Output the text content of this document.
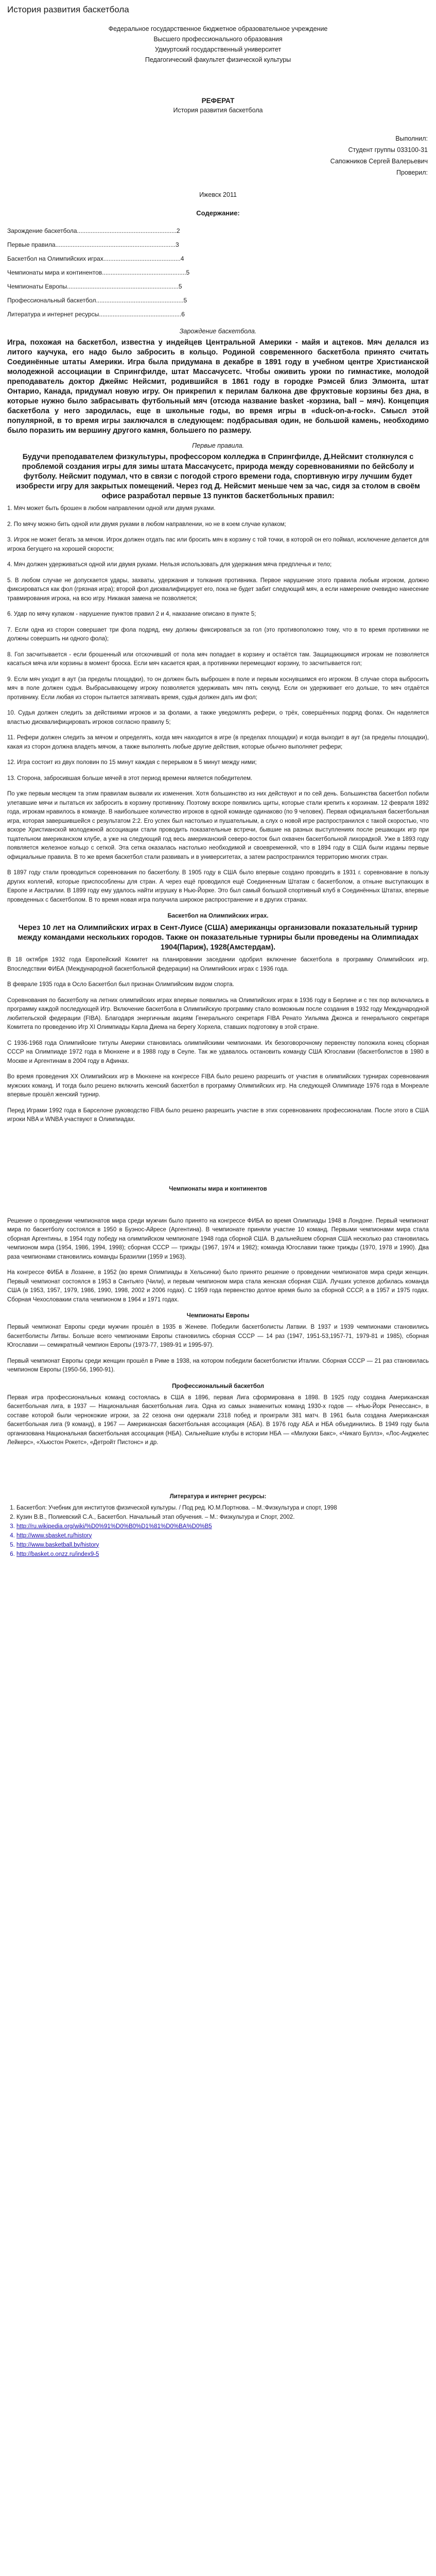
История развития баскетбола
Федеральное государственное бюджетное образовательное учреждение
Высшего профессионального образования
Удмуртский государственный университет
Педагогический факультет физической культуры
РЕФЕРАТ
История развития баскетбола
Выполнил:
Студент группы 033100-31
Сапожников Сергей Валерьевич
Проверил:
Ижевск 2011
Содержание:
Зарождение баскетбола..........................................................2
Первые правила......................................................................3
Баскетбол на Олимпийских играх.............................................4
Чемпионаты мира и континентов.................................................5
Чемпионаты Европы.................................................................5
Профессиональный баскетбол...................................................5
Литература и интернет ресурсы................................................6
Зарождение баскетбола.

Игра, похожая на баскетбол, известна у индейцев Центральной Америки - майя и ацтеков. Мяч делался из литого каучука, его надо было забросить в кольцо. Родиной современного баскетбола принято считать Соединённые штаты Америки. Игра была придумана в декабре в 1891 году в учебном центре Христианской молодежной ассоциации в Спрингфилде, штат Массачусетс. Чтобы оживить уроки по гимнастике, молодой преподаватель доктор Джеймс Нейсмит, родившийся в 1861 году в городке Рэмсей близ Элмонта, штат Онтарио, Канада, придумал новую игру. Он прикрепил к перилам балкона две фруктовые корзины без дна, в которые нужно было забрасывать футбольный мяч (отсюда название basket -корзина, ball – мяч). Концепция баскетбола у него зародилась, еще в школьные годы, во время игры в «duck-on-a-rock». Смысл этой популярной, в то время игры заключался в следующем: подбрасывая один, не большой камень, необходимо было поразить им вершину другого камня, большего по размеру.

Первые правила.

Будучи преподавателем физкультуры, профессором колледжа в Спрингфилде, Д.Нейсмит столкнулся с проблемой создания игры для зимы штата Массачусетс, природа между соревнованиями по бейсболу и футболу. Нейсмит подумал, что в связи с погодой строго времени года, спортивную игру лучшим будет изобрести игру для закрытых помещений. Через год Д. Нейсмит меньше чем за час, сидя за столом в своём офисе разработал первые 13 пунктов баскетбольных правил:

1. Мяч может быть брошен в любом направлении одной или двумя руками.

2. По мячу можно бить одной или двумя руками в любом направлении, но не в коем случае кулаком;

3. Игрок не может бегать за мячом. Игрок должен отдать пас или бросить мяч в корзину с той точки, в которой он его поймал, исключение делается для игрока бегущего на хорошей скорости;

4. Мяч должен удерживаться одной или двумя руками. Нельзя использовать для удержания мяча предплечья и тело;

5. В любом случае не допускается удары, захваты, удержания и толкания противника. Первое нарушение этого правила любым игроком, должно фиксироваться как фол (грязная игра); второй фол дисквалифицирует его, пока не будет забит следующий мяч, а если намерение очевидно нанесение травмирования игрока, на всю игру. Никакая замена не позволяется;

6. Удар по мячу кулаком - нарушение пунктов правил 2 и 4, наказание описано в пункте 5;

7. Если одна из сторон совершает три фола подряд, ему должны фиксироваться за гол (это противоположно тому, что в то время противники не должны совершить ни одного фола);

8. Гол засчитывается - если брошенный или отскочивший от пола мяч попадает в корзину и остаётся там. Защищающимся игрокам не позволяется касаться мяча или корзины в момент броска. Если мяч касается края, а противники перемещают корзину, то засчитывается гол;

9. Если мяч уходит в аут (за пределы площадки), то он должен быть выброшен в поле и первым коснувшимся его игроком. В случае спора выбросить мяч в поле должен судья. Выбрасывающему игроку позволяется удерживать мяч пять секунд. Если он удерживает его дольше, то мяч отдаётся противнику. Если любая из сторон пытается затягивать время, судья должен дать им фол;

10. Судья должен следить за действиями игроков и за фолами, а также уведомлять рефери, о трёх, совершённых подряд фолах. Он наделяется властью дисквалифицировать игроков согласно правилу 5;

11. Рефери должен следить за мячом и определять, когда мяч находится в игре (в пределах площадки) и когда выходит в аут (за пределы площадки), какая из сторон должна владеть мячом, а также выполнять любые другие действия, которые обычно выполняет рефери;

12. Игра состоит из двух половин по 15 минут каждая с перерывом в 5 минут между ними;

13. Сторона, забросившая больше мячей в этот период времени является победителем.

По уже первым месяцем та этим правилам вызвали их изменения. Хотя большинство из них действуют и по сей день. Большинства баскетбол побили улетавшие мячи и пытаться их забросить в корзину противнику. Поэтому вскоре появились щиты, которые стали крепить к корзинам. 12 февраля 1892 года, игрокам нравилось в команде. В наибольшее количество игроков в одной команде одинаково (по 9 человек). Первая официальная баскетбольная игра, которая завершившейся с результатом 2:2. Его успех был настолько и пушательным, а слух о новой игре распространился с такой скоростью, что вскоре Христианской молодежной ассоциации стали проводить показательные встречи, бывшие на разных выступлениях после решающих игр при тщательном американском клубе, а уже на следующий год весь американский северо-восток был охвачен баскетбольной лихорадкой. Уже в 1893 году появляется железное кольцо с сеткой. Эта сетка оказалась настолько необходимой и своевременной, что в 1894 году в США были изданы первые официальные правила. В то же время баскетбол стали развивать и в университетах, а затем распространился территорию многих стран.

В 1897 году стали проводиться соревнования по баскетболу. В 1905 году в США было впервые создано проводить в 1931 г. соревнование в пользу других коллегий, которые приспособлены для стран. А через ещё проводился ещё Соединенным Штатам с баскетболом, а отныне выступающих в Европе и Австралии. В 1899 году ему удалось найти игрушку в Нью-Йорке. Это был самый большой спортивный клуб в Соединённых Штатах, впервые проведенных с баскетболом. В то время новая игра получила широкое распространение и в других странах.

Баскетбол на Олимпийских играх.

Через 10 лет на Олимпийских играх в Сент-Луисе (США) американцы организовали показательный турнир между командами нескольких городов. Также он показательные турниры были проведены на Олимпиадах 1904(Париж), 1928(Амстердам).

В 18 октября 1932 года Европейский Комитет на планировании заседании одобрил включение баскетбола в программу Олимпийских игр. Впоследствии ФИБА (Международной баскетбольной федерации) на Олимпийских играх с 1936 года.

В феврале 1935 года в Осло Баскетбол был признан Олимпийским видом спорта.

Соревнования по баскетболу на летних олимпийских играх впервые появились на Олимпийских играх в 1936 году в Берлине и с тех пор включались в программу каждой последующей Игр. Включение баскетбола в Олимпийскую программу стало возможным после создания в 1932 году Международной любительской федерации (FIBA). Благодаря энергичным акциям Генерального секретаря FIBA Ренато Уильяма Джонса и генерального секретаря Комитета по проведению Игр XI Олимпиады Карла Диема на берегу Хорхела, ставших подготовку в этой стране.

С 1936-1968 года Олимпийские титулы Америки становилась олимпийскими чемпионами. Их безоговорочному первенству положила конец сборная СССР на Олимпиаде 1972 года в Мюнхене и в 1988 году в Сеуле. Так же удавалось остановить команду США Югославии (баскетболистов в 1980 в Москве и Аргентинам в 2004 году в Афинах.

Во время проведения XX Олимпийских игр в Мюнхене на конгрессе FIBA было решено разрешить от участия в олимпийских турнирах соревнования мужских команд. И тогда было решено включить женский баскетбол в программу Олимпийских игр. На следующей Олимпиаде 1976 года в Монреале впервые прошёл женский турнир.

Перед Играми 1992 года в Барселоне руководство FIBA было решено разрешить участие в этих соревнованиях профессионалам. После этого в США игроки NBA и WNBA участвуют в Олимпиадах.

Чемпионаты мира и континентов

Решение о проведении чемпионатов мира среди мужчин было принято на конгрессе ФИБА во время Олимпиады 1948 в Лондоне. Первый чемпионат мира по баскетболу состоялся в 1950 в Буэнос-Айресе (Аргентина). В чемпионате приняли участие 10 команд. Первыми чемпионами мира стала сборная Аргентины, в 1954 году победу на олимпийском чемпионате 1948 года сборной США. В дальнейшем сборная США несколько раз становилась чемпионом мира (1954, 1986, 1994, 1998); сборная СССР — трижды (1967, 1974 и 1982); команда Югославии также трижды (1970, 1978 и 1990). Два раза чемпионами становились команды Бразилии (1959 и 1963).

На конгрессе ФИБА в Лозанне, в 1952 (во время Олимпиады в Хельсинки) было принято решение о проведении чемпионатов мира среди женщин. Первый чемпионат состоялся в 1953 в Сантьяго (Чили), и первым чемпионом мира стала женская сборная США. Лучших успехов добилась команда США (в 1953, 1957, 1979, 1986, 1990, 1998, 2002 и 2006 годах). С 1959 года первенство долгое время было за сборной СССР, а в 1957 и 1975 годах. Сборная Чехословакии стала чемпионом в 1964 и 1971 годах.

Чемпионаты Европы

Первый чемпионат Европы среди мужчин прошёл в 1935 в Женеве. Победили баскетболисты Латвии. В 1937 и 1939 чемпионами становились баскетболисты Литвы. Больше всего чемпионами Европы становились сборная СССР — 14 раз (1947, 1951-53,1957-71, 1979-81 и 1985), сборная Югославии — семикратный чемпион Европы (1973-77, 1989-91 и 1995-97).

Первый чемпионат Европы среди женщин прошёл в Риме в 1938, на котором победили баскетболистки Италии. Сборная СССР — 21 раз становилась чемпионом Европы (1950-56, 1960-91).

Профессиональный баскетбол

Первая игра профессиональных команд состоялась в США в 1896, первая Лига сформирована в 1898. В 1925 году создана Американская баскетбольная лига, в 1937 — Национальная баскетбольная лига. Одна из самых знаменитых команд 1930-х годов — «Нью-Йорк Ренессанс», в составе которой были чернокожие игроки, за 22 сезона они одержали 2318 побед и проиграли 381 матч. В 1961 была создана Американская баскетбольная лига (9 команд), в 1967 — Американская баскетбольная ассоциация (АБА). В 1976 году АБА и НБА объединились. В 1949 году была организована Национальная баскетбольная ассоциация (НБА). Сильнейшие клубы в истории НБА — «Милуоки Бакс», «Чикаго Буллз», «Лос-Анджелес Лейкерс», «Хьюстон Рокетс», «Детройт Пистонс» и др.

Литература и интернет ресурсы:
1. Баскетбол: Учебник для институтов физической культуры. / Под ред. Ю.М.Портнова. – М.:Физкультура и спорт, 1998
2. Кузин В.В., Полиевский С.А., Баскетбол. Начальный этап обучения. – М.: Физкультура и Спорт, 2002.
3. http://ru.wikipedia.org/wiki/%D0%91%D0%B0%D1%81%D0%BA%D0%B5
4. http://www.sbasket.ru/history
5. http://www.basketball.by/history
6. http://basket.o.onzz.ru/index9-5
